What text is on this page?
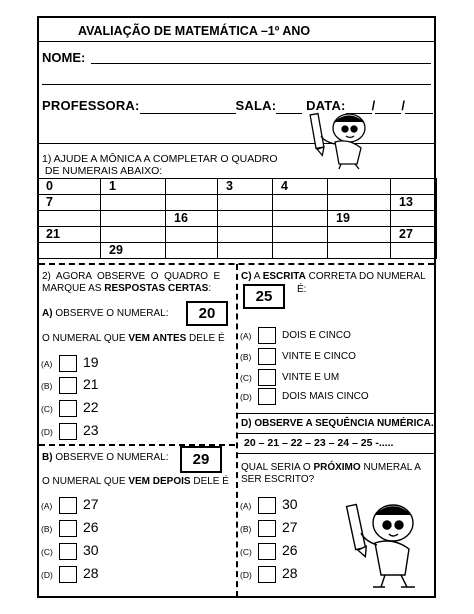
AVALIAÇÃO DE MATEMÁTICA –1º ANO
NOME:
PROFESSORA:	SALA: DATA: / /
1) AJUDE A MÔNICA A COMPLETAR O QUADRO
DE NUMERAIS ABAIXO:
0	1		3	4		
7						13
		16			19	
21						27
	29					
2)  AGORA  OBSERVE  O  QUADRO  E
MARQUE AS RESPOSTAS CERTAS:
A) OBSERVE O NUMERAL:	20
O NUMERAL QUE VEM ANTES DELE É
(A) 19
(B) 21
(C) 22
(D) 23
B) OBSERVE O NUMERAL:	29
O NUMERAL QUE VEM DEPOIS DELE É
(A) 27
(B) 26
(C) 30
(D) 28
C) A ESCRITA CORRETA DO NUMERAL
25	É:
(A)	DOIS E CINCO
(B)	VINTE E CINCO
(C)	VINTE E UM
(D)	DOIS MAIS CINCO
D) OBSERVE A SEQUÊNCIA NUMÉRICA.
20 – 21 – 22 – 23 – 24 – 25 -.....
QUAL SERIA O PRÓXIMO NUMERAL A
SER ESCRITO?
(A) 30
(B) 27
(C) 26
(D) 28
